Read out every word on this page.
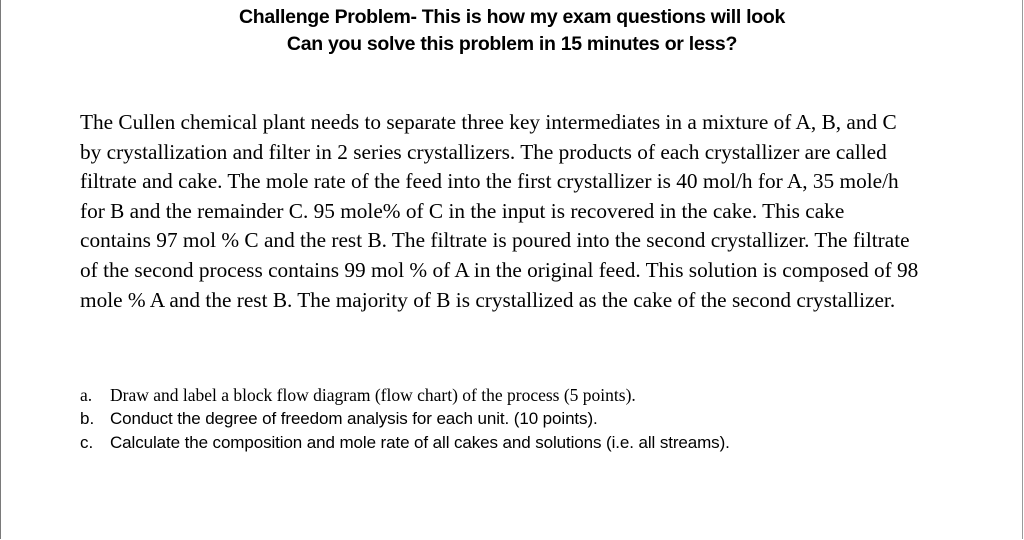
Challenge Problem- This is how my exam questions will look
Can you solve this problem in 15 minutes or less?
The Cullen chemical plant needs to separate three key intermediates in a mixture of A, B, and C
by crystallization and filter in 2 series crystallizers. The products of each crystallizer are called
filtrate and cake. The mole rate of the feed into the first crystallizer is 40 mol/h for A, 35 mole/h
for B and the remainder C. 95 mole% of C in the input is recovered in the cake. This cake
contains 97 mol % C and the rest B. The filtrate is poured into the second crystallizer. The filtrate
of the second process contains 99 mol % of A in the original feed. This solution is composed of 98
mole % A and the rest B. The majority of B is crystallized as the cake of the second crystallizer.
a.	Draw and label a block flow diagram (flow chart) of the process (5 points).
b. Conduct the degree of freedom analysis for each unit. (10 points).
c. Calculate the composition and mole rate of all cakes and solutions (i.e. all streams).
